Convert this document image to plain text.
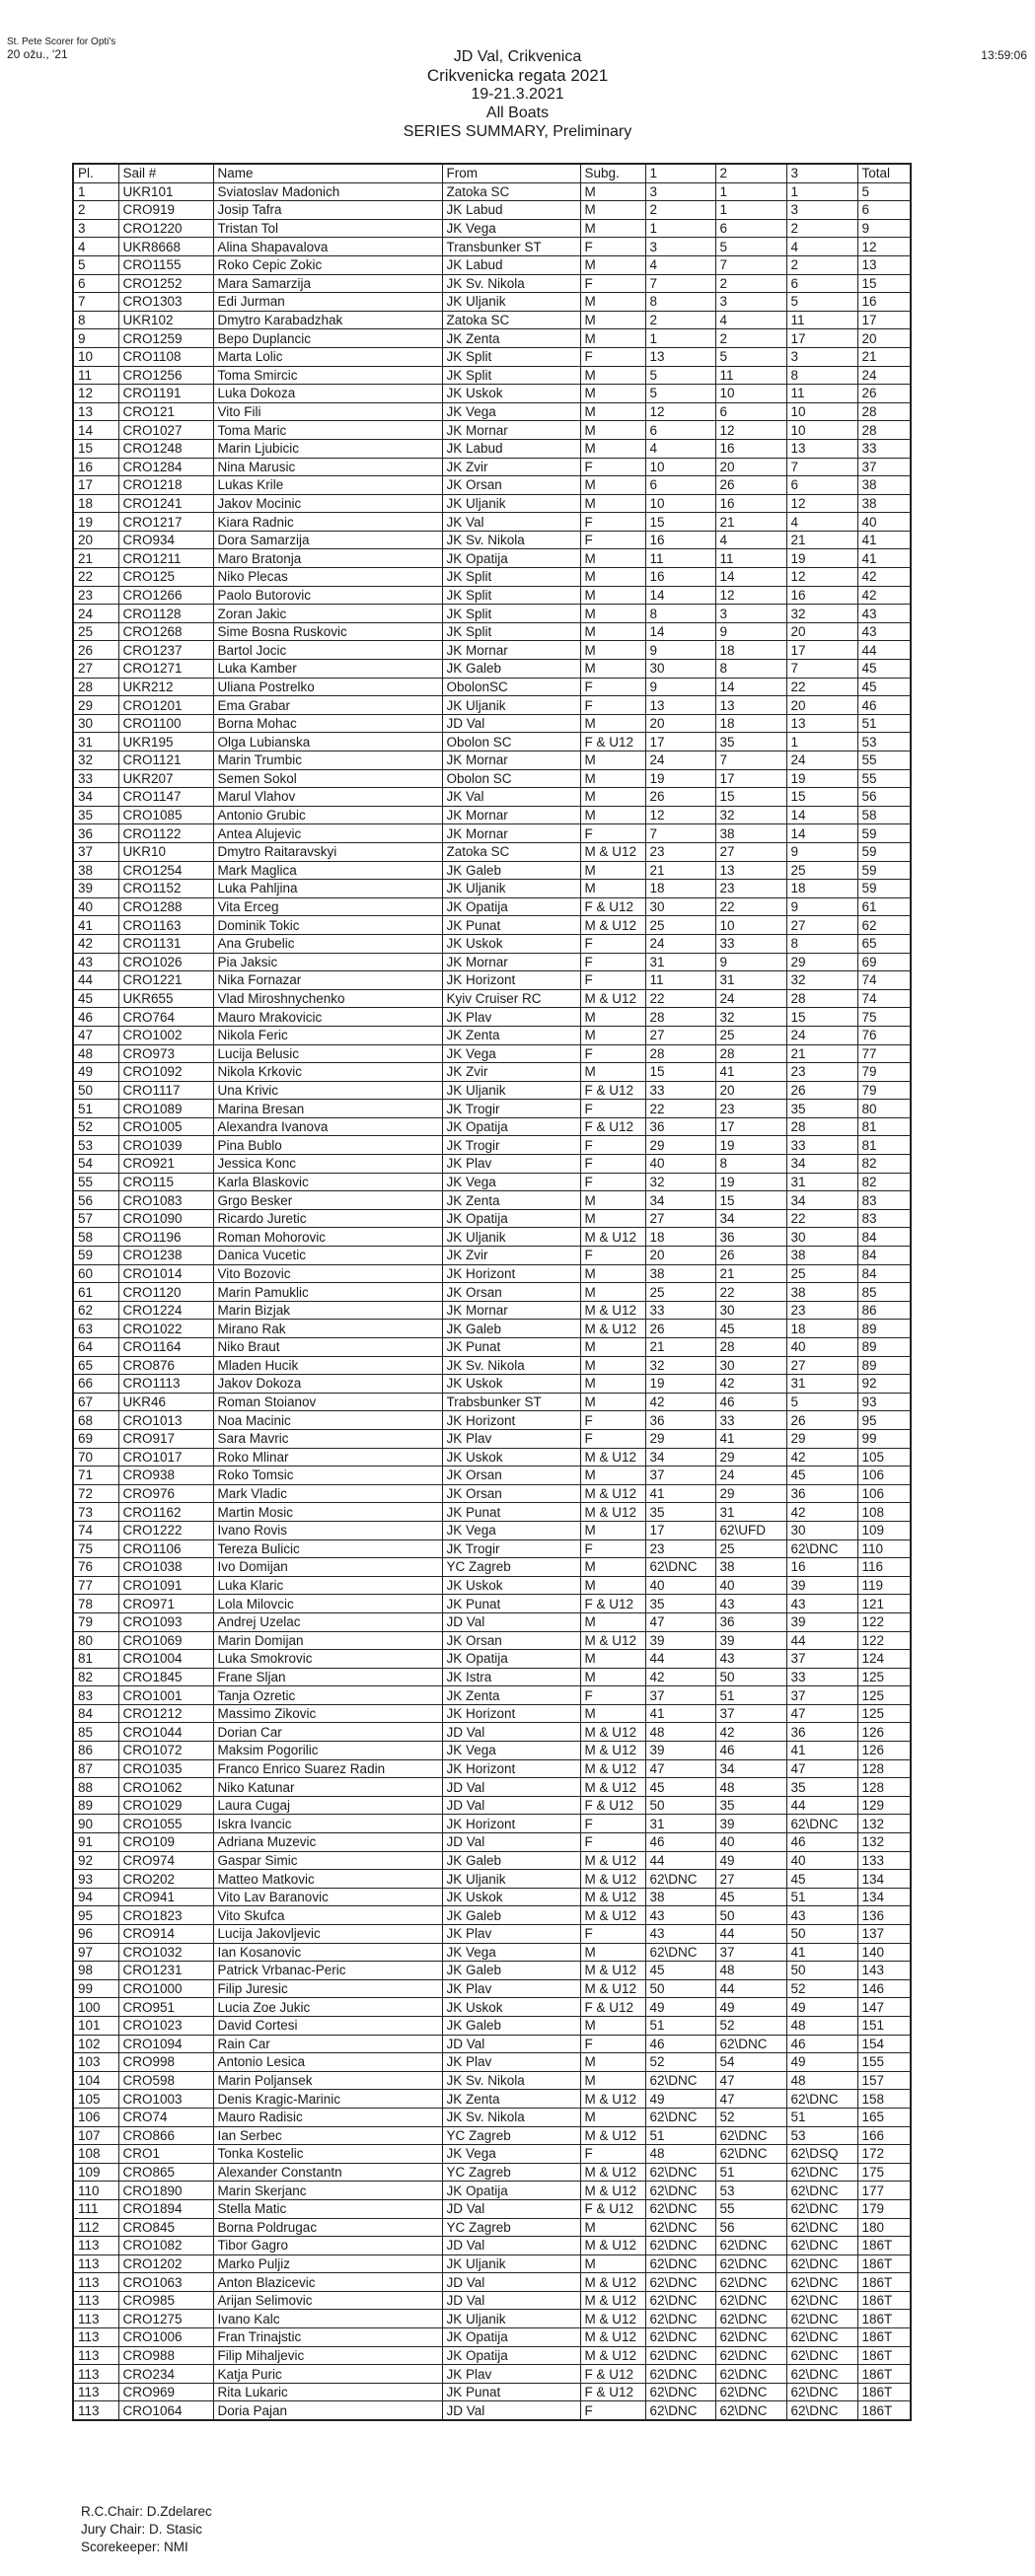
St. Pete Scorer for Opti's
20 ožu., '21	13:59:06
JD Val, Crikvenica
Crikvenicka regata 2021
19-21.3.2021
All Boats
SERIES SUMMARY, Preliminary
Pl.	Sail #	Name	From	Subg.	1	2	3	Total
1	UKR101	Sviatoslav Madonich	Zatoka SC	M	3	1	1	5
2	CRO919	Josip Tafra	JK Labud	M	2	1	3	6
3	CRO1220	Tristan Tol	JK Vega	M	1	6	2	9
4	UKR8668	Alina Shapavalova	Transbunker ST	F	3	5	4	12
5	CRO1155	Roko Cepic Zokic	JK Labud	M	4	7	2	13
6	CRO1252	Mara Samarzija	JK Sv. Nikola	F	7	2	6	15
7	CRO1303	Edi Jurman	JK Uljanik	M	8	3	5	16
8	UKR102	Dmytro Karabadzhak	Zatoka SC	M	2	4	11	17
9	CRO1259	Bepo Duplancic	JK Zenta	M	1	2	17	20
10	CRO1108	Marta Lolic	JK Split	F	13	5	3	21
11	CRO1256	Toma Smircic	JK Split	M	5	11	8	24
12	CRO1191	Luka Dokoza	JK Uskok	M	5	10	11	26
13	CRO121	Vito Fili	JK Vega	M	12	6	10	28
14	CRO1027	Toma Maric	JK Mornar	M	6	12	10	28
15	CRO1248	Marin Ljubicic	JK Labud	M	4	16	13	33
16	CRO1284	Nina Marusic	JK Zvir	F	10	20	7	37
17	CRO1218	Lukas Krile	JK Orsan	M	6	26	6	38
18	CRO1241	Jakov Mocinic	JK Uljanik	M	10	16	12	38
19	CRO1217	Kiara Radnic	JK Val	F	15	21	4	40
20	CRO934	Dora Samarzija	JK Sv. Nikola	F	16	4	21	41
21	CRO1211	Maro Bratonja	JK Opatija	M	11	11	19	41
22	CRO125	Niko Plecas	JK Split	M	16	14	12	42
23	CRO1266	Paolo Butorovic	JK Split	M	14	12	16	42
24	CRO1128	Zoran Jakic	JK Split	M	8	3	32	43
25	CRO1268	Sime Bosna Ruskovic	JK Split	M	14	9	20	43
26	CRO1237	Bartol Jocic	JK Mornar	M	9	18	17	44
27	CRO1271	Luka Kamber	JK Galeb	M	30	8	7	45
28	UKR212	Uliana Postrelko	ObolonSC	F	9	14	22	45
29	CRO1201	Ema Grabar	JK Uljanik	F	13	13	20	46
30	CRO1100	Borna Mohac	JD Val	M	20	18	13	51
31	UKR195	Olga Lubianska	Obolon SC	F & U12	17	35	1	53
32	CRO1121	Marin Trumbic	JK Mornar	M	24	7	24	55
33	UKR207	Semen Sokol	Obolon SC	M	19	17	19	55
34	CRO1147	Marul Vlahov	JK Val	M	26	15	15	56
35	CRO1085	Antonio Grubic	JK Mornar	M	12	32	14	58
36	CRO1122	Antea Alujevic	JK Mornar	F	7	38	14	59
37	UKR10	Dmytro Raitaravskyi	Zatoka SC	M & U12	23	27	9	59
38	CRO1254	Mark Maglica	JK Galeb	M	21	13	25	59
39	CRO1152	Luka Pahljina	JK Uljanik	M	18	23	18	59
40	CRO1288	Vita Erceg	JK Opatija	F & U12	30	22	9	61
41	CRO1163	Dominik Tokic	JK Punat	M & U12	25	10	27	62
42	CRO1131	Ana Grubelic	JK Uskok	F	24	33	8	65
43	CRO1026	Pia Jaksic	JK Mornar	F	31	9	29	69
44	CRO1221	Nika Fornazar	JK Horizont	F	11	31	32	74
45	UKR655	Vlad Miroshnychenko	Kyiv Cruiser RC	M & U12	22	24	28	74
46	CRO764	Mauro Mrakovicic	JK Plav	M	28	32	15	75
47	CRO1002	Nikola Feric	JK Zenta	M	27	25	24	76
48	CRO973	Lucija Belusic	JK Vega	F	28	28	21	77
49	CRO1092	Nikola Krkovic	JK Zvir	M	15	41	23	79
50	CRO1117	Una Krivic	JK Uljanik	F & U12	33	20	26	79
51	CRO1089	Marina Bresan	JK Trogir	F	22	23	35	80
52	CRO1005	Alexandra Ivanova	JK Opatija	F & U12	36	17	28	81
53	CRO1039	Pina Bublo	JK Trogir	F	29	19	33	81
54	CRO921	Jessica Konc	JK Plav	F	40	8	34	82
55	CRO115	Karla Blaskovic	JK Vega	F	32	19	31	82
56	CRO1083	Grgo Besker	JK Zenta	M	34	15	34	83
57	CRO1090	Ricardo Juretic	JK Opatija	M	27	34	22	83
58	CRO1196	Roman Mohorovic	JK Uljanik	M & U12	18	36	30	84
59	CRO1238	Danica Vucetic	JK Zvir	F	20	26	38	84
60	CRO1014	Vito Bozovic	JK Horizont	M	38	21	25	84
61	CRO1120	Marin Pamuklic	JK Orsan	M	25	22	38	85
62	CRO1224	Marin Bizjak	JK Mornar	M & U12	33	30	23	86
63	CRO1022	Mirano Rak	JK Galeb	M & U12	26	45	18	89
64	CRO1164	Niko Braut	JK Punat	M	21	28	40	89
65	CRO876	Mladen Hucik	JK Sv. Nikola	M	32	30	27	89
66	CRO1113	Jakov Dokoza	JK Uskok	M	19	42	31	92
67	UKR46	Roman Stoianov	Trabsbunker ST	M	42	46	5	93
68	CRO1013	Noa Macinic	JK Horizont	F	36	33	26	95
69	CRO917	Sara Mavric	JK Plav	F	29	41	29	99
70	CRO1017	Roko Mlinar	JK Uskok	M & U12	34	29	42	105
71	CRO938	Roko Tomsic	JK Orsan	M	37	24	45	106
72	CRO976	Mark Vladic	JK Orsan	M & U12	41	29	36	106
73	CRO1162	Martin Mosic	JK Punat	M & U12	35	31	42	108
74	CRO1222	Ivano Rovis	JK Vega	M	17	62\UFD	30	109
75	CRO1106	Tereza Bulicic	JK Trogir	F	23	25	62\DNC	110
76	CRO1038	Ivo Domijan	YC Zagreb	M	62\DNC	38	16	116
77	CRO1091	Luka Klaric	JK Uskok	M	40	40	39	119
78	CRO971	Lola Milovcic	JK Punat	F & U12	35	43	43	121
79	CRO1093	Andrej Uzelac	JD Val	M	47	36	39	122
80	CRO1069	Marin Domijan	JK Orsan	M & U12	39	39	44	122
81	CRO1004	Luka Smokrovic	JK Opatija	M	44	43	37	124
82	CRO1845	Frane Sljan	JK Istra	M	42	50	33	125
83	CRO1001	Tanja Ozretic	JK Zenta	F	37	51	37	125
84	CRO1212	Massimo Zikovic	JK Horizont	M	41	37	47	125
85	CRO1044	Dorian Car	JD Val	M & U12	48	42	36	126
86	CRO1072	Maksim Pogorilic	JK Vega	M & U12	39	46	41	126
87	CRO1035	Franco Enrico Suarez Radin	JK Horizont	M & U12	47	34	47	128
88	CRO1062	Niko Katunar	JD Val	M & U12	45	48	35	128
89	CRO1029	Laura Cugaj	JD Val	F & U12	50	35	44	129
90	CRO1055	Iskra Ivancic	JK Horizont	F	31	39	62\DNC	132
91	CRO109	Adriana Muzevic	JD Val	F	46	40	46	132
92	CRO974	Gaspar Simic	JK Galeb	M & U12	44	49	40	133
93	CRO202	Matteo Matkovic	JK Uljanik	M & U12	62\DNC	27	45	134
94	CRO941	Vito Lav Baranovic	JK Uskok	M & U12	38	45	51	134
95	CRO1823	Vito Skufca	JK Galeb	M & U12	43	50	43	136
96	CRO914	Lucija Jakovljevic	JK Plav	F	43	44	50	137
97	CRO1032	Ian Kosanovic	JK Vega	M	62\DNC	37	41	140
98	CRO1231	Patrick Vrbanac-Peric	JK Galeb	M & U12	45	48	50	143
99	CRO1000	Filip Juresic	JK Plav	M & U12	50	44	52	146
100	CRO951	Lucia Zoe Jukic	JK Uskok	F & U12	49	49	49	147
101	CRO1023	David Cortesi	JK Galeb	M	51	52	48	151
102	CRO1094	Rain Car	JD Val	F	46	62\DNC	46	154
103	CRO998	Antonio Lesica	JK Plav	M	52	54	49	155
104	CRO598	Marin Poljansek	JK Sv. Nikola	M	62\DNC	47	48	157
105	CRO1003	Denis Kragic-Marinic	JK Zenta	M & U12	49	47	62\DNC	158
106	CRO74	Mauro Radisic	JK Sv. Nikola	M	62\DNC	52	51	165
107	CRO866	Ian Serbec	YC Zagreb	M & U12	51	62\DNC	53	166
108	CRO1	Tonka Kostelic	JK Vega	F	48	62\DNC	62\DSQ	172
109	CRO865	Alexander Constantn	YC Zagreb	M & U12	62\DNC	51	62\DNC	175
110	CRO1890	Marin Skerjanc	JK Opatija	M & U12	62\DNC	53	62\DNC	177
111	CRO1894	Stella Matic	JD Val	F & U12	62\DNC	55	62\DNC	179
112	CRO845	Borna Poldrugac	YC Zagreb	M	62\DNC	56	62\DNC	180
113	CRO1082	Tibor Gagro	JD Val	M & U12	62\DNC	62\DNC	62\DNC	186T
113	CRO1202	Marko Puljiz	JK Uljanik	M	62\DNC	62\DNC	62\DNC	186T
113	CRO1063	Anton Blazicevic	JD Val	M & U12	62\DNC	62\DNC	62\DNC	186T
113	CRO985	Arijan Selimovic	JD Val	M & U12	62\DNC	62\DNC	62\DNC	186T
113	CRO1275	Ivano Kalc	JK Uljanik	M & U12	62\DNC	62\DNC	62\DNC	186T
113	CRO1006	Fran Trinajstic	JK Opatija	M & U12	62\DNC	62\DNC	62\DNC	186T
113	CRO988	Filip Mihaljevic	JK Opatija	M & U12	62\DNC	62\DNC	62\DNC	186T
113	CRO234	Katja Puric	JK Plav	F & U12	62\DNC	62\DNC	62\DNC	186T
113	CRO969	Rita Lukaric	JK Punat	F & U12	62\DNC	62\DNC	62\DNC	186T
113	CRO1064	Doria Pajan	JD Val	F	62\DNC	62\DNC	62\DNC	186T
R.C.Chair: D.Zdelarec
Jury Chair: D. Stasic
Scorekeeper: NMI
